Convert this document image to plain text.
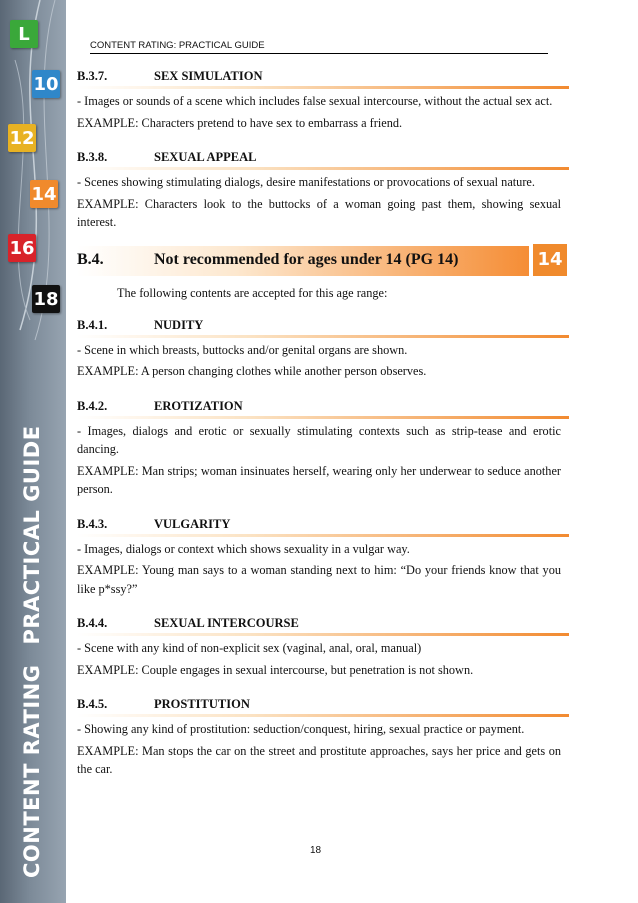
L
10
12
14
16
18
CONTENT RATINGPRACTICAL GUIDE
CONTENT RATING: PRACTICAL GUIDE
B.3.7.	SEX SIMULATION

- Images or sounds of a scene which includes false sexual intercourse, without the actual sex act.

EXAMPLE: Characters pretend to have sex to embarrass a friend.

B.3.8.	SEXUAL APPEAL

- Scenes showing stimulating dialogs, desire manifestations or provocations of sexual nature.

EXAMPLE: Characters look to the buttocks of a woman going past them, showing sexual interest.

B.4.	Not recommended for ages under 14 (PG 14)	14
The following contents are accepted for this age range:
B.4.1.	NUDITY

- Scene in which breasts, buttocks and/or genital organs are shown.

EXAMPLE: A person changing clothes while another person observes.

B.4.2.	EROTIZATION

- Images, dialogs and erotic or sexually stimulating contexts such as strip-tease and erotic dancing.

EXAMPLE: Man strips; woman insinuates herself, wearing only her underwear to seduce another person.

B.4.3.	VULGARITY

- Images, dialogs or context which shows sexuality in a vulgar way.

EXAMPLE: Young man says to a woman standing next to him: “Do your friends know that you like p*ssy?”

B.4.4.	SEXUAL INTERCOURSE

- Scene with any kind of non-explicit sex (vaginal, anal, oral, manual)

EXAMPLE: Couple engages in sexual intercourse, but penetration is not shown.

B.4.5.	PROSTITUTION

- Showing any kind of prostitution: seduction/conquest, hiring, sexual practice or payment.

EXAMPLE: Man stops the car on the street and prostitute approaches, says her price and gets on the car.

18
